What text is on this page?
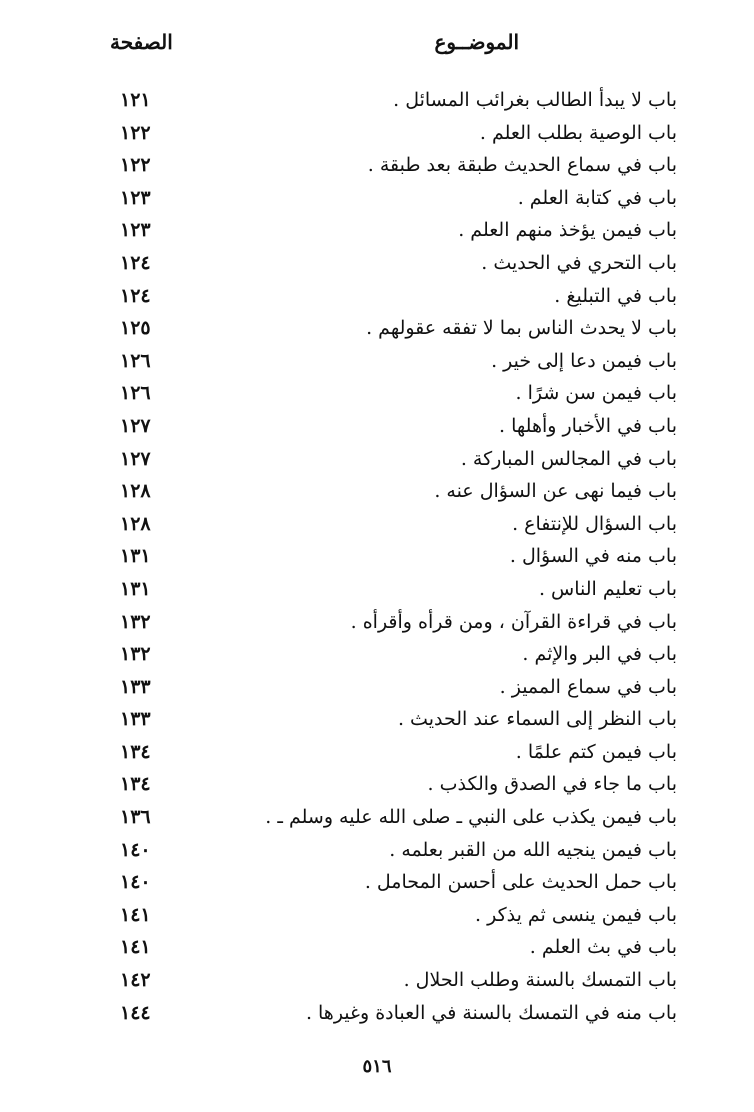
الموضــوع
الصفحة
باب لا يبدأ الطالب بغرائب المسائل .
١٢١
باب الوصية بطلب العلم .
١٢٢
باب في سماع الحديث طبقة بعد طبقة .
١٢٢
باب في كتابة العلم .
١٢٣
باب فيمن يؤخذ منهم العلم .
١٢٣
باب التحري في الحديث .
١٢٤
باب في التبليغ .
١٢٤
باب لا يحدث الناس بما لا تفقه عقولهم .
١٢٥
باب فيمن دعا إلى خير .
١٢٦
باب فيمن سن شرًا .
١٢٦
باب في الأخبار وأهلها .
١٢٧
باب في المجالس المباركة .
١٢٧
باب فيما نهى عن السؤال عنه .
١٢٨
باب السؤال للإنتفاع .
١٢٨
باب منه في السؤال .
١٣١
باب تعليم الناس .
١٣١
باب في قراءة القرآن ، ومن قرأه وأقرأه .
١٣٢
باب في البر والإثم .
١٣٢
باب في سماع المميز .
١٣٣
باب النظر إلى السماء عند الحديث .
١٣٣
باب فيمن كتم علمًا .
١٣٤
باب ما جاء في الصدق والكذب .
١٣٤
باب فيمن يكذب على النبي ـ صلى الله عليه وسلم ـ .
١٣٦
باب فيمن ينجيه الله من القبر بعلمه .
١٤٠
باب حمل الحديث على أحسن المحامل .
١٤٠
باب فيمن ينسى ثم يذكر .
١٤١
باب في بث العلم .
١٤١
باب التمسك بالسنة وطلب الحلال .
١٤٢
باب منه في التمسك بالسنة في العبادة وغيرها .
١٤٤
٥١٦
